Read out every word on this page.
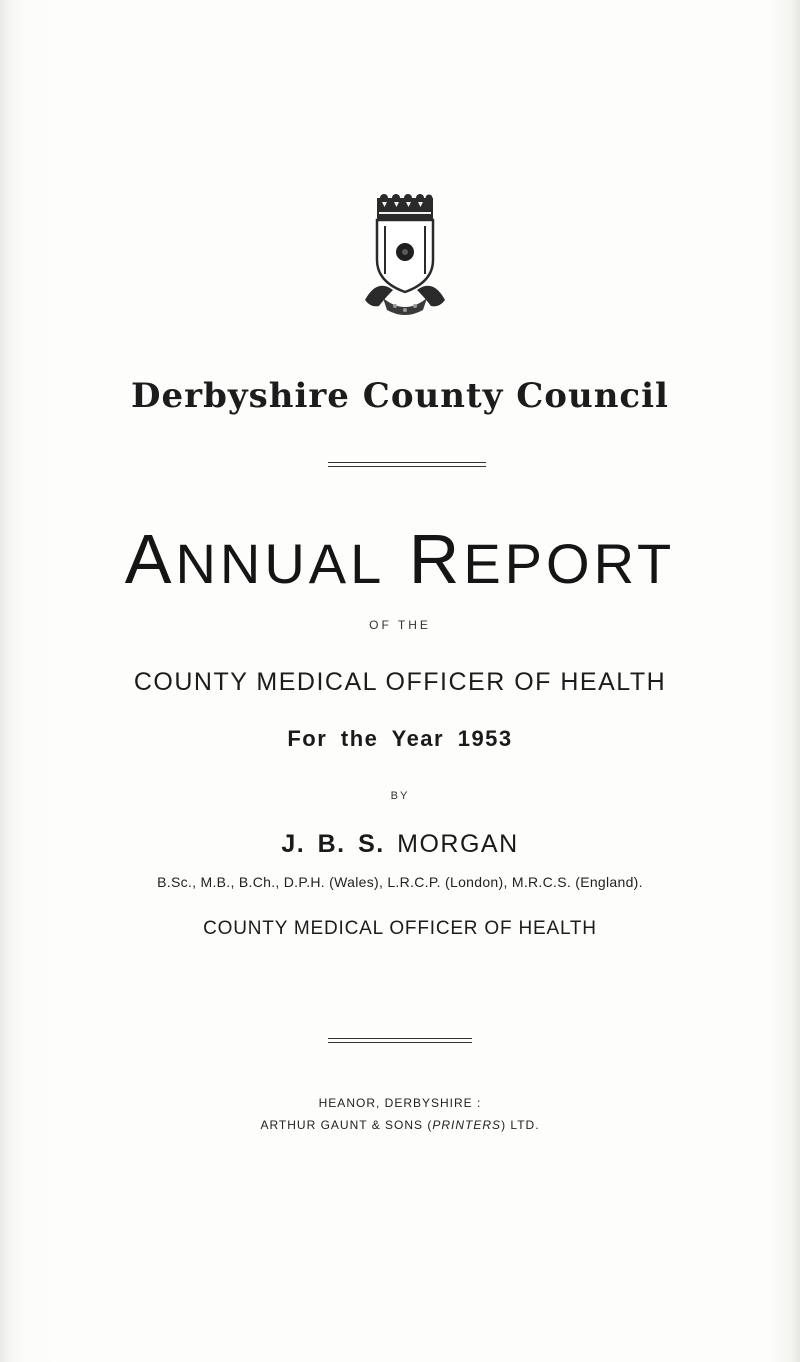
Derbyshire County Council
ANNUAL REPORT
OF THE
COUNTY MEDICAL OFFICER OF HEALTH
For the Year 1953
BY
J. B. S. MORGAN
B.Sc., M.B., B.Ch., D.P.H. (Wales), L.R.C.P. (London), M.R.C.S. (England).
COUNTY MEDICAL OFFICER OF HEALTH
HEANOR, DERBYSHIRE :
ARTHUR GAUNT & SONS (PRINTERS) LTD.
